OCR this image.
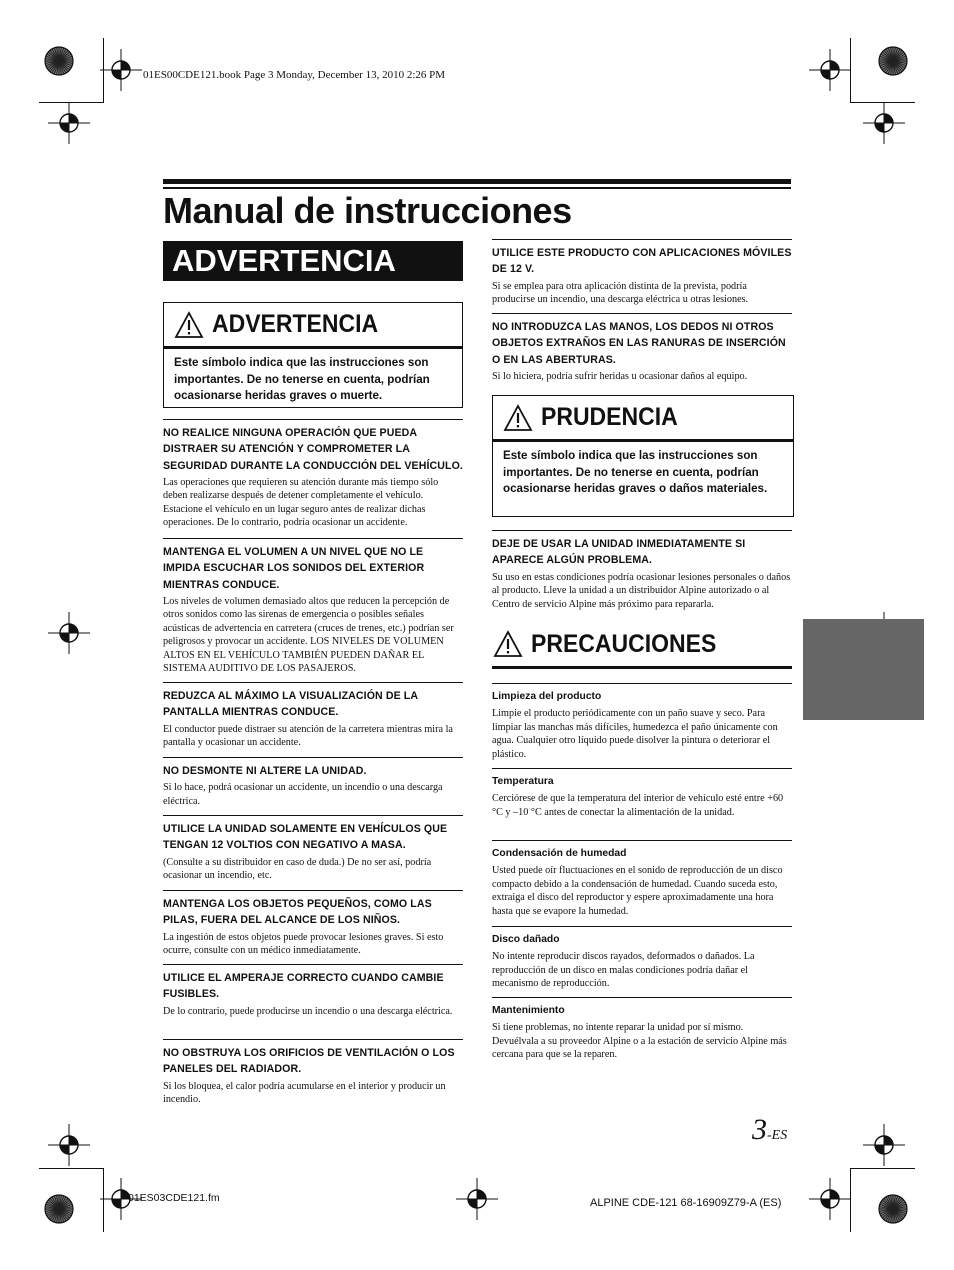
01ES00CDE121.book Page 3 Monday, December 13, 2010 2:26 PM
Manual de instrucciones
ADVERTENCIA
ADVERTENCIA
Este símbolo indica que las instrucciones son importantes. De no tenerse en cuenta, podrían ocasionarse heridas graves o muerte.
NO REALICE NINGUNA OPERACIÓN QUE PUEDA DISTRAER SU ATENCIÓN Y COMPROMETER LA SEGURIDAD DURANTE LA CONDUCCIÓN DEL VEHÍCULO.

Las operaciones que requieren su atención durante más tiempo sólo deben realizarse después de detener completamente el vehículo. Estacione el vehículo en un lugar seguro antes de realizar dichas operaciones. De lo contrario, podría ocasionar un accidente.

MANTENGA EL VOLUMEN A UN NIVEL QUE NO LE IMPIDA ESCUCHAR LOS SONIDOS DEL EXTERIOR MIENTRAS CONDUCE.

Los niveles de volumen demasiado altos que reducen la percepción de otros sonidos como las sirenas de emergencia o posibles señales acústicas de advertencia en carretera (cruces de trenes, etc.) podrían ser peligrosos y provocar un accidente. LOS NIVELES DE VOLUMEN ALTOS EN EL VEHÍCULO TAMBIÉN PUEDEN DAÑAR EL SISTEMA AUDITIVO DE LOS PASAJEROS.

REDUZCA AL MÁXIMO LA VISUALIZACIÓN DE LA PANTALLA MIENTRAS CONDUCE.

El conductor puede distraer su atención de la carretera mientras mira la pantalla y ocasionar un accidente.

NO DESMONTE NI ALTERE LA UNIDAD.

Si lo hace, podrá ocasionar un accidente, un incendio o una descarga eléctrica.

UTILICE LA UNIDAD SOLAMENTE EN VEHÍCULOS QUE TENGAN 12 VOLTIOS CON NEGATIVO A MASA.

(Consulte a su distribuidor en caso de duda.) De no ser así, podría ocasionar un incendio, etc.

MANTENGA LOS OBJETOS PEQUEÑOS, COMO LAS PILAS, FUERA DEL ALCANCE DE LOS NIÑOS.

La ingestión de estos objetos puede provocar lesiones graves. Si esto ocurre, consulte con un médico inmediatamente.

UTILICE EL AMPERAJE CORRECTO CUANDO CAMBIE FUSIBLES.

De lo contrario, puede producirse un incendio o una descarga eléctrica.

NO OBSTRUYA LOS ORIFICIOS DE VENTILACIÓN O LOS PANELES DEL RADIADOR.

Si los bloquea, el calor podría acumularse en el interior y producir un incendio.

UTILICE ESTE PRODUCTO CON APLICACIONES MÓVILES DE 12 V.

Si se emplea para otra aplicación distinta de la prevista, podría producirse un incendio, una descarga eléctrica u otras lesiones.

NO INTRODUZCA LAS MANOS, LOS DEDOS NI OTROS OBJETOS EXTRAÑOS EN LAS RANURAS DE INSERCIÓN O EN LAS ABERTURAS.

Si lo hiciera, podría sufrir heridas u ocasionar daños al equipo.

PRUDENCIA
Este símbolo indica que las instrucciones son importantes. De no tenerse en cuenta, podrían ocasionarse heridas graves o daños materiales.
DEJE DE USAR LA UNIDAD INMEDIATAMENTE SI APARECE ALGÚN PROBLEMA.

Su uso en estas condiciones podría ocasionar lesiones personales o daños al producto. Lleve la unidad a un distribuidor Alpine autorizado o al Centro de servicio Alpine más próximo para repararla.

PRECAUCIONES
Limpieza del producto

Limpie el producto periódicamente con un paño suave y seco. Para limpiar las manchas más difíciles, humedezca el paño únicamente con agua. Cualquier otro líquido puede disolver la pintura o deteriorar el plástico.

Temperatura

Cerciórese de que la temperatura del interior de vehículo esté entre +60 °C y –10 °C antes de conectar la alimentación de la unidad.

Condensación de humedad

Usted puede oír fluctuaciones en el sonido de reproducción de un disco compacto debido a la condensación de humedad. Cuando suceda esto, extraiga el disco del reproductor y espere aproximadamente una hora hasta que se evapore la humedad.

Disco dañado

No intente reproducir discos rayados, deformados o dañados. La reproducción de un disco en malas condiciones podría dañar el mecanismo de reproducción.

Mantenimiento

Si tiene problemas, no intente reparar la unidad por sí mismo. Devuélvala a su proveedor Alpine o a la estación de servicio Alpine más cercana para que se la reparen.

3-ES
01ES03CDE121.fm	ALPINE CDE-121 68-16909Z79-A (ES)
